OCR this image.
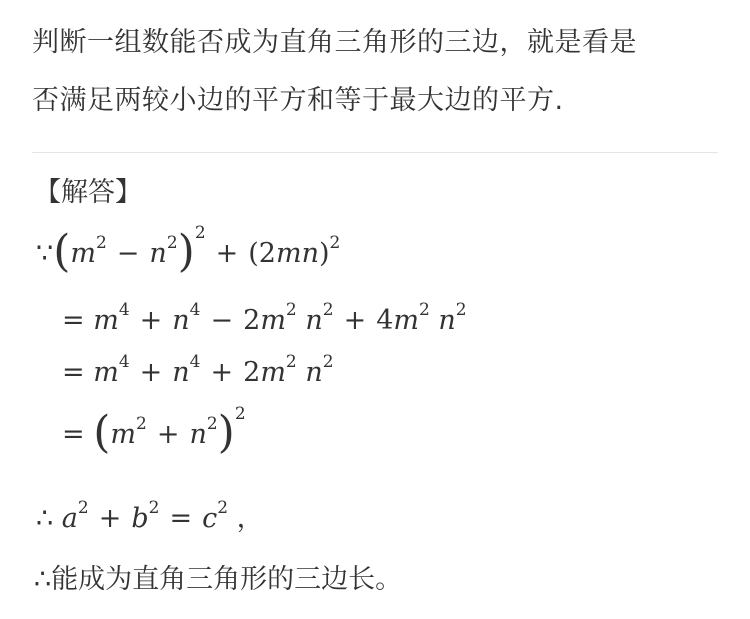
判断一组数能否成为直角三角形的三边，就是看是
否满足两较小边的平方和等于最大边的平方.
【解答】
$\because(m^2 - n^2)^2+ (2mn)^2$
= $m^4 + n^4 - 2m^2$ $n^2 + 4m^2$ $n^2$
= $m^4 + n^4 + 2m^2$ $n^2$
= $(m^2 + n^2)^2$
∴ $a^2 + b^2 = c^2$ ，
∴能成为直角三角形的三边长。
